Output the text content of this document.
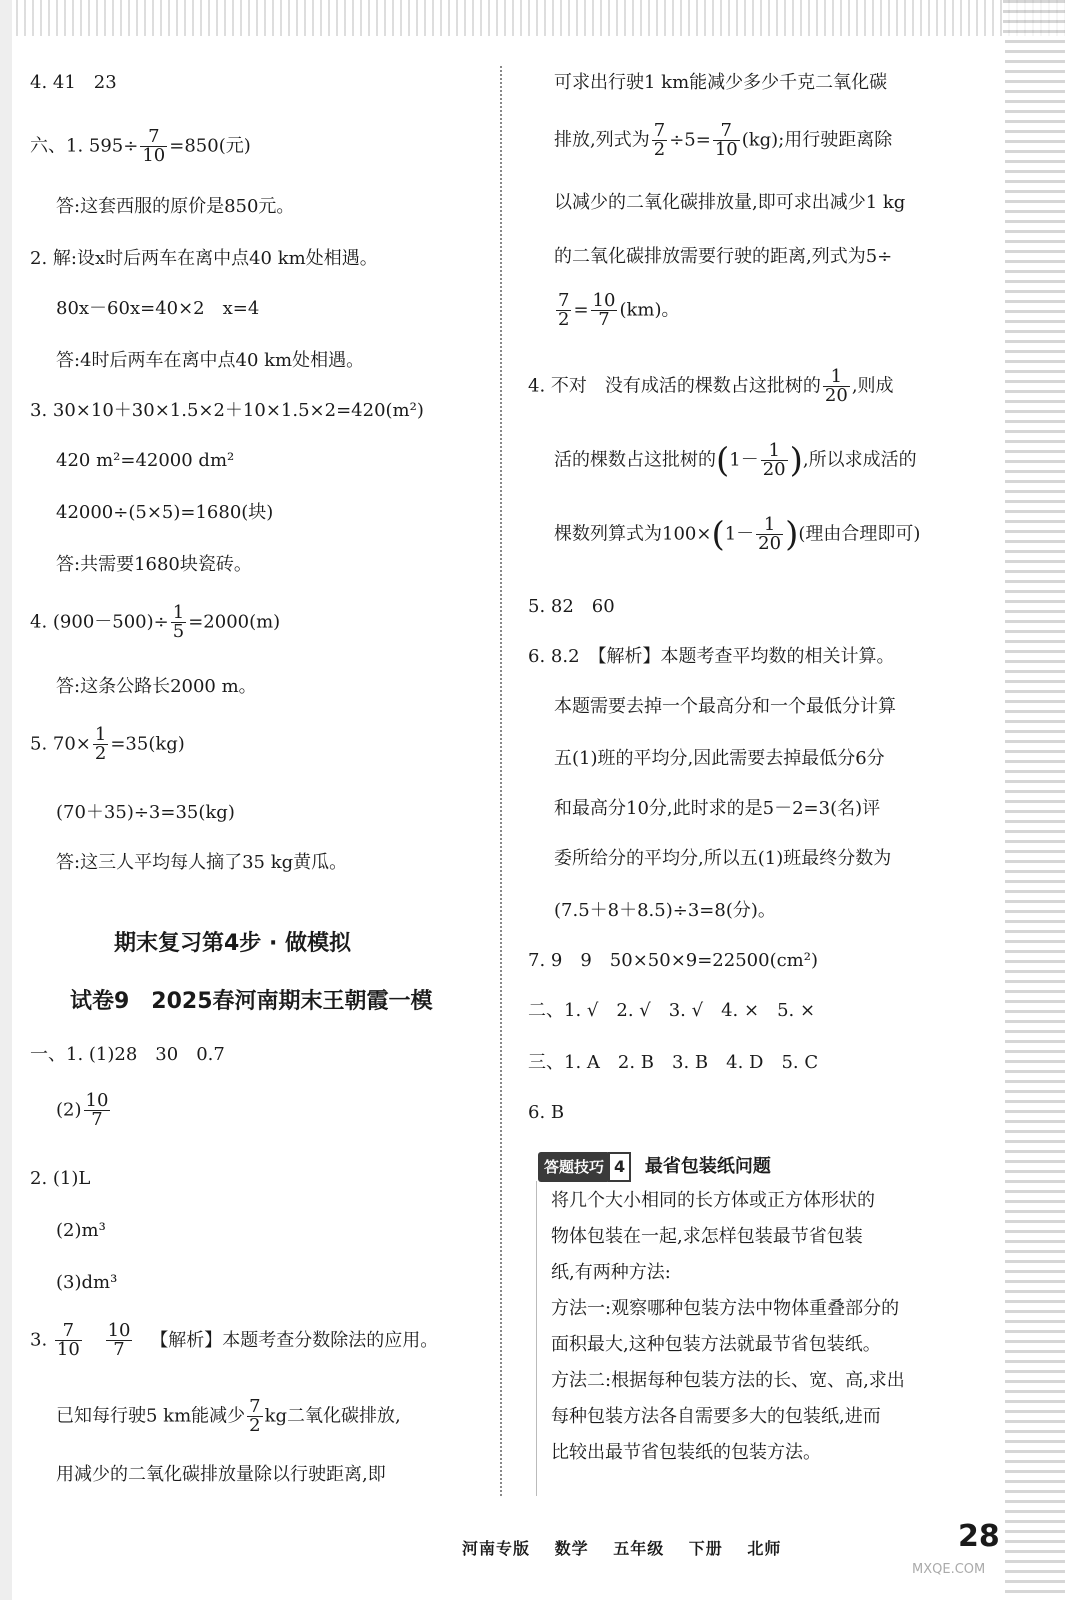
4. 41　23
六、1. $595\div \frac{7}{10} =850$(元)
答:这套西服的原价是850元。
2. 解:设x时后两车在离中点40 km处相遇。
80x－60x=40×2　x=4
答:4时后两车在离中点40 km处相遇。
3. 30×10＋30×1.5×2＋10×1.5×2=420(m²)
420 m²=42000 dm²
42000÷(5×5)=1680(块)
答:共需要1680块瓷砖。
4. $(900-500)\div \frac{1}{5} =2000(m)$
答:这条公路长2000 m。
5. $70\times \frac{1}{2} =35(kg)$
(70＋35)÷3=35(kg)
答:这三人平均每人摘了35 kg黄瓜。
期末复习第4步 · 做模拟
试卷9　2025春河南期末王朝霞一模
一、1. (1)28　30　0.7
$(2) \frac{10}{7}$
2. (1)L
(2)m³
(3)dm³
3. $\frac{7}{10}$
$\frac{10}{7}$ 【解析】本题考查分数除法的应用。
已知每行驶5 km能减少 $\frac{7}{2}$ kg二氧化碳排放,
用减少的二氧化碳排放量除以行驶距离,即
可求出行驶1 km能减少多少千克二氧化碳
排放,列式为 $\frac{7}{2} \div 5= \frac{7}{10} (kg)$;用行驶距离除
以减少的二氧化碳排放量,即可求出减少1 kg
的二氧化碳排放需要行驶的距离,列式为5÷
$\frac{7}{2} = \frac{10}{7} (km)$。
4. 不对　没有成活的棵数占这批树的 $\frac{1}{20}$ ,则成
活的棵数占这批树的($1- \frac{1}{20}$ ),所以求成活的
棵数列算式为$100\times(1- \frac{1}{20}$ )(理由合理即可)
5. 82　60
6. 8.2　【解析】本题考查平均数的相关计算。
本题需要去掉一个最高分和一个最低分计算
五(1)班的平均分,因此需要去掉最低分6分
和最高分10分,此时求的是5－2=3(名)评
委所给分的平均分,所以五(1)班最终分数为
(7.5＋8＋8.5)÷3=8(分)。
7. 9　9　50×50×9=22500(cm²)
二、1. √　2. √　3. √　4. ×　5. ×
三、1. A　2. B　3. B　4. D　5. C
6. B
答题技巧 4 最省包装纸问题
将几个大小相同的长方体或正方体形状的
物体包装在一起,求怎样包装最节省包装
纸,有两种方法:
方法一:观察哪种包装方法中物体重叠部分的
面积最大,这种包装方法就最节省包装纸。
方法二:根据每种包装方法的长、宽、高,求出
每种包装方法各自需要多大的包装纸,进而
比较出最节省包装纸的包装方法。
河南专版 数学 五年级 下册 北师	28
MXQE.COM
